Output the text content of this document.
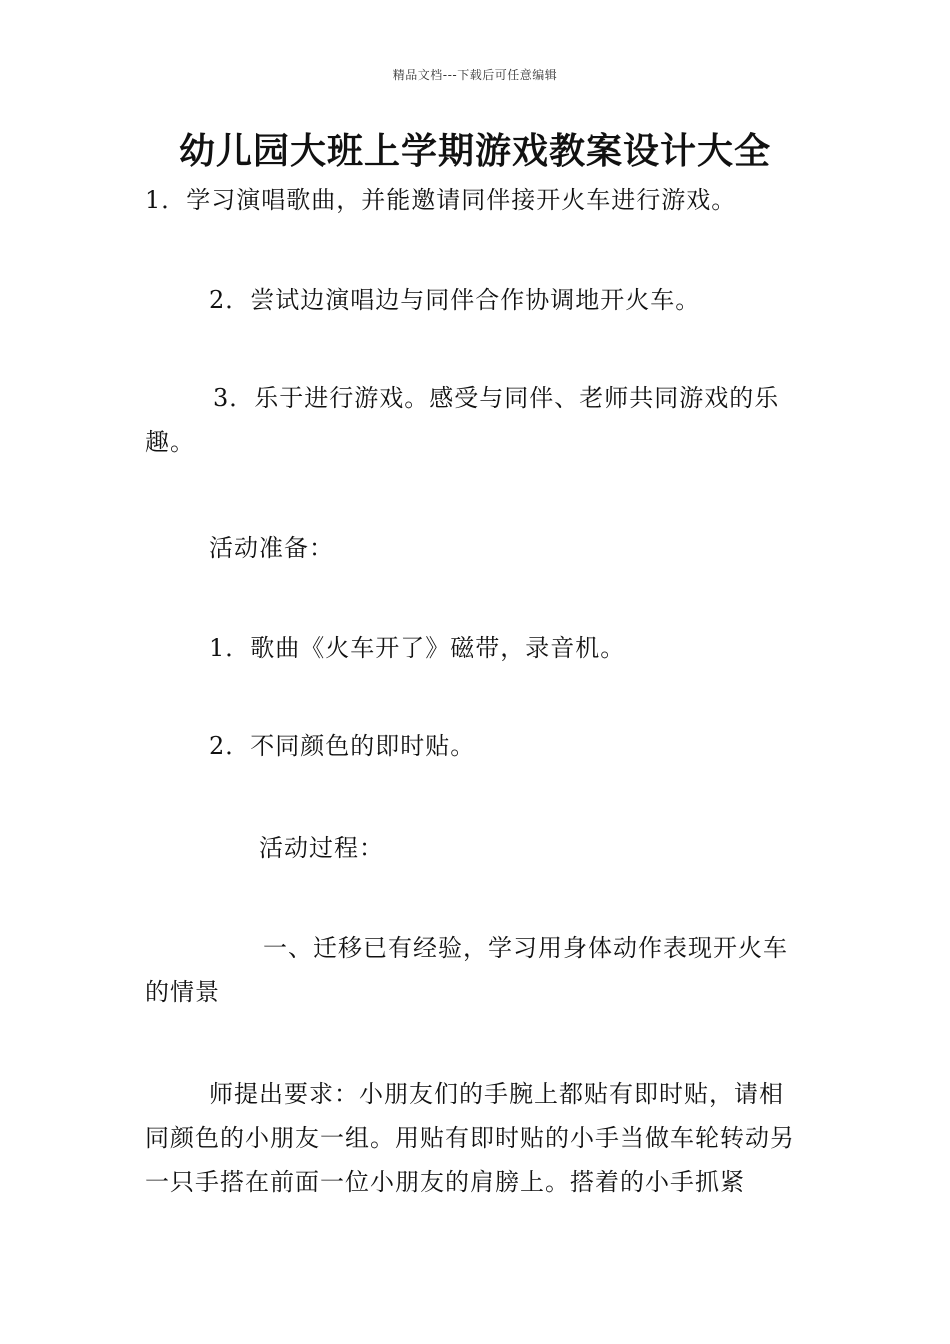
精品文档---下载后可任意编辑
幼儿园大班上学期游戏教案设计大全

1．学习演唱歌曲，并能邀请同伴接开火车进行游戏。

2．尝试边演唱边与同伴合作协调地开火车。

3．乐于进行游戏。感受与同伴、老师共同游戏的乐趣。

活动准备：

1．歌曲《火车开了》磁带，录音机。

2．不同颜色的即时贴。

活动过程：

一、迁移已有经验，学习用身体动作表现开火车的情景

师提出要求：小朋友们的手腕上都贴有即时贴，请相同颜色的小朋友一组。用贴有即时贴的小手当做车轮转动另一只手搭在前面一位小朋友的肩膀上。搭着的小手抓紧
